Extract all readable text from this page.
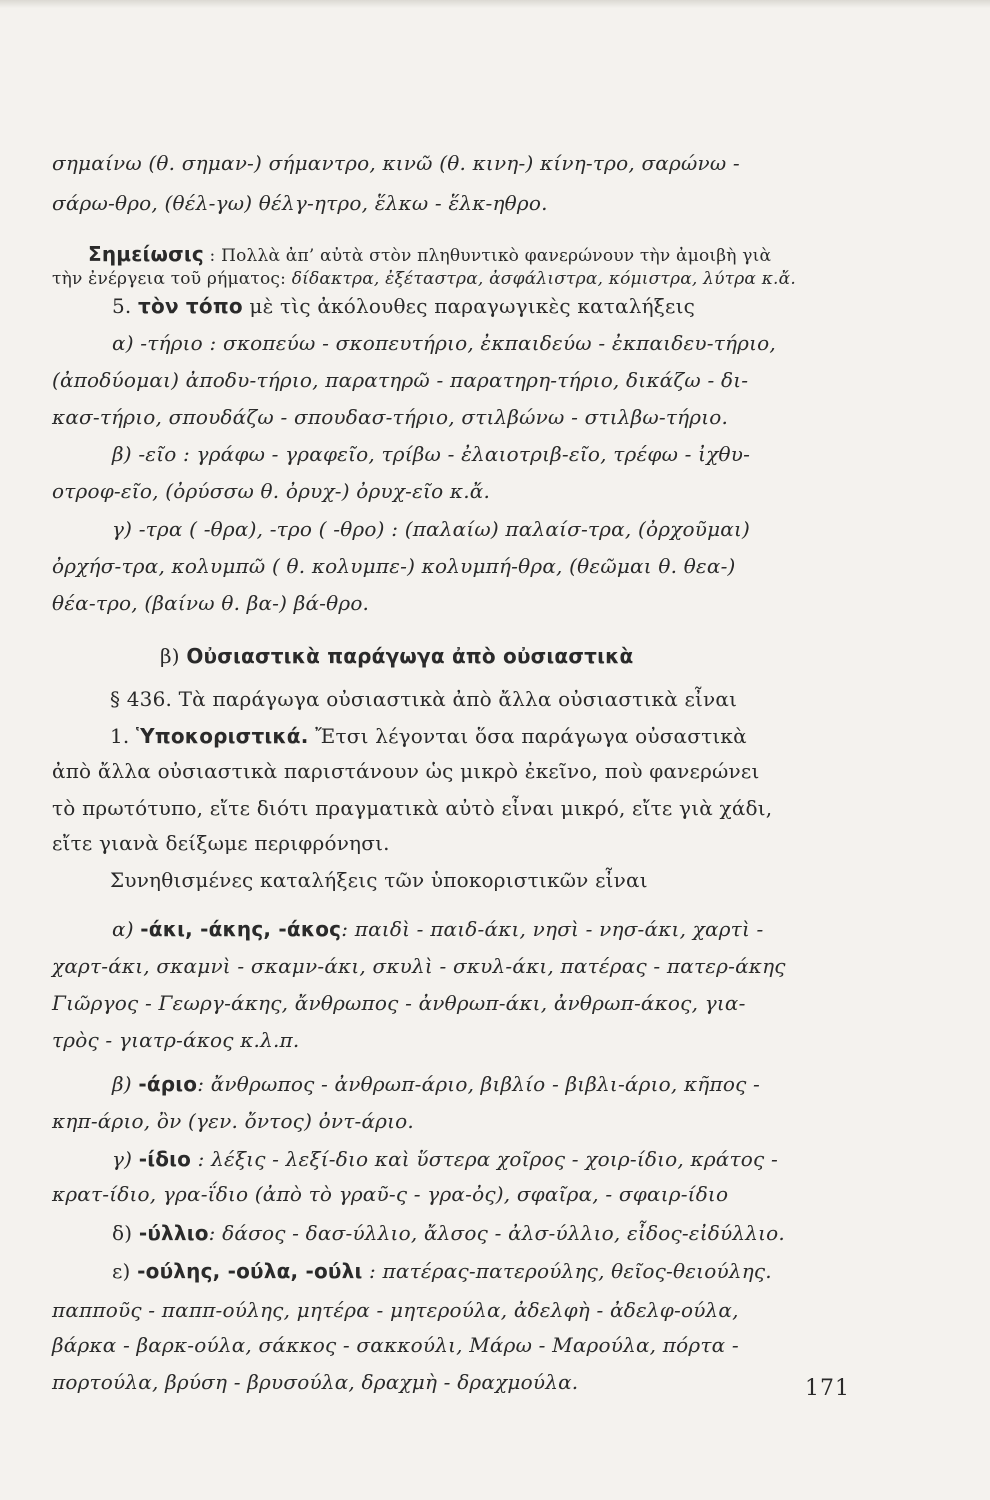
σημαίνω (θ. σημαν-) σήμαντρο, κινῶ (θ. κινη-) κίνη-τρο, σαρώνω -
σάρω-θρο, (θέλ-γω) θέλγ-ητρο, ἕλκω - ἕλκ-ηθρο.
Σημείωσις : Πολλὰ ἀπ’ αὐτὰ στὸν πληθυντικὸ φανερώνουν τὴν ἀμοιβὴ γιὰ
τὴν ἐνέργεια τοῦ ρήματος: δίδακτρα, ἐξέταστρα, ἀσφάλιστρα, κόμιστρα, λύτρα κ.ἄ.
5. τὸν τόπο μὲ τὶς ἀκόλουθες παραγωγικὲς καταλήξεις
α) -τήριο : σκοπεύω - σκοπευτήριο, ἐκπαιδεύω - ἐκπαιδευ-τήριο,
(ἀποδύομαι) ἀποδυ-τήριο, παρατηρῶ - παρατηρη-τήριο, δικάζω - δι-
κασ-τήριο, σπουδάζω - σπουδασ-τήριο, στιλβώνω - στιλβω-τήριο.
β) -εῖο : γράφω - γραφεῖο, τρίβω - ἐλαιοτριβ-εῖο, τρέφω - ἰχθυ-
οτροφ-εῖο, (ὀρύσσω θ. ὀρυχ-) ὀρυχ-εῖο κ.ἄ.
γ) -τρα ( -θρα), -τρο ( -θρο) : (παλαίω) παλαίσ-τρα, (ὀρχοῦμαι)
ὀρχήσ-τρα, κολυμπῶ ( θ. κολυμπε-) κολυμπή-θρα, (θεῶμαι θ. θεα-)
θέα-τρο, (βαίνω θ. βα-) βά-θρο.
β) Οὐσιαστικὰ παράγωγα ἀπὸ οὐσιαστικὰ
§ 436. Τὰ παράγωγα οὐσιαστικὰ ἀπὸ ἄλλα οὐσιαστικὰ εἶναι
1. Ὑποκοριστικά. Ἔτσι λέγονται ὅσα παράγωγα οὐσαστικὰ
ἀπὸ ἄλλα οὐσιαστικὰ παριστάνουν ὡς μικρὸ ἐκεῖνο, ποὺ φανερώνει
τὸ πρωτότυπο, εἴτε διότι πραγματικὰ αὐτὸ εἶναι μικρό, εἴτε γιὰ χάδι,
εἴτε γιανὰ δείξωμε περιφρόνησι.
Συνηθισμένες καταλήξεις τῶν ὑποκοριστικῶν εἶναι
α) -άκι, -άκης, -άκος: παιδὶ - παιδ-άκι, νησὶ - νησ-άκι, χαρτὶ -
χαρτ-άκι, σκαμνὶ - σκαμν-άκι, σκυλὶ - σκυλ-άκι, πατέρας - πατερ-άκης
Γιῶργος - Γεωργ-άκης, ἄνθρωπος - ἀνθρωπ-άκι, ἀνθρωπ-άκος, για-
τρὸς - γιατρ-άκος κ.λ.π.
β) -άριο: ἄνθρωπος - ἀνθρωπ-άριο, βιβλίο - βιβλι-άριο, κῆπος -
κηπ-άριο, ὂν (γεν. ὄντος) ὀντ-άριο.
γ) -ίδιο : λέξις - λεξί-διο καὶ ὕστερα χοῖρος - χοιρ-ίδιο, κράτος -
κρατ-ίδιο, γρα-ΐδιο (ἀπὸ τὸ γραῦ-ς - γρα-ὀς), σφαῖρα, - σφαιρ-ίδιο
δ) -ύλλιο: δάσος - δασ-ύλλιο, ἄλσος - ἀλσ-ύλλιο, εἶδος-εἰδύλλιο.
ε) -ούλης, -ούλα, -ούλι : πατέρας-πατερούλης, θεῖος-θειούλης.
παπποῦς - παππ-ούλης, μητέρα - μητερούλα, ἀδελφὴ - ἀδελφ-ούλα,
βάρκα - βαρκ-ούλα, σάκκος - σακκούλι, Μάρω - Μαρούλα, πόρτα -
πορτούλα, βρύση - βρυσούλα, δραχμὴ - δραχμούλα.	171
